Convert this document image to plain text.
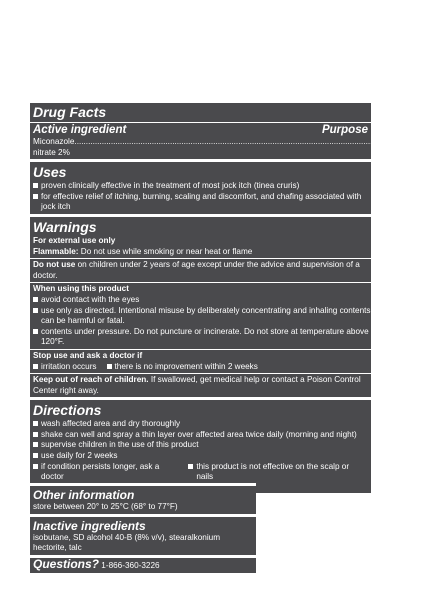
Drug Facts
Active ingredient	Purpose
Miconazole nitrate 2%
.................................................................................................................................................. Antifungal
Uses
proven clinically effective in the treatment of most jock itch (tinea cruris)
for effective relief of itching, burning, scaling and discomfort, and chafing associated with jock itch
Warnings
For external use only
Flammable: Do not use while smoking or near heat or flame
Do not use on children under 2 years of age except under the advice and supervision of a doctor.
When using this product
avoid contact with the eyes
use only as directed. Intentional misuse by deliberately concentrating and inhaling contents can be harmful or fatal.
contents under pressure. Do not puncture or incinerate. Do not store at temperature above 120°F.
Stop use and ask a doctor if
irritation occurs there is no improvement within 2 weeks
Keep out of reach of children. If swallowed, get medical help or contact a Poison Control Center right away.
Directions
wash affected area and dry thoroughly
shake can well and spray a thin layer over affected area twice daily (morning and night)
supervise children in the use of this product
use daily for 2 weeks
if condition persists longer, ask a doctor
this product is not effective on the scalp or nails
Other information
store between 20° to 25°C (68° to 77°F)
Inactive ingredients
isobutane, SD alcohol 40-B (8% v/v), stearalkonium hectorite, talc
Questions? 1-866-360-3226
